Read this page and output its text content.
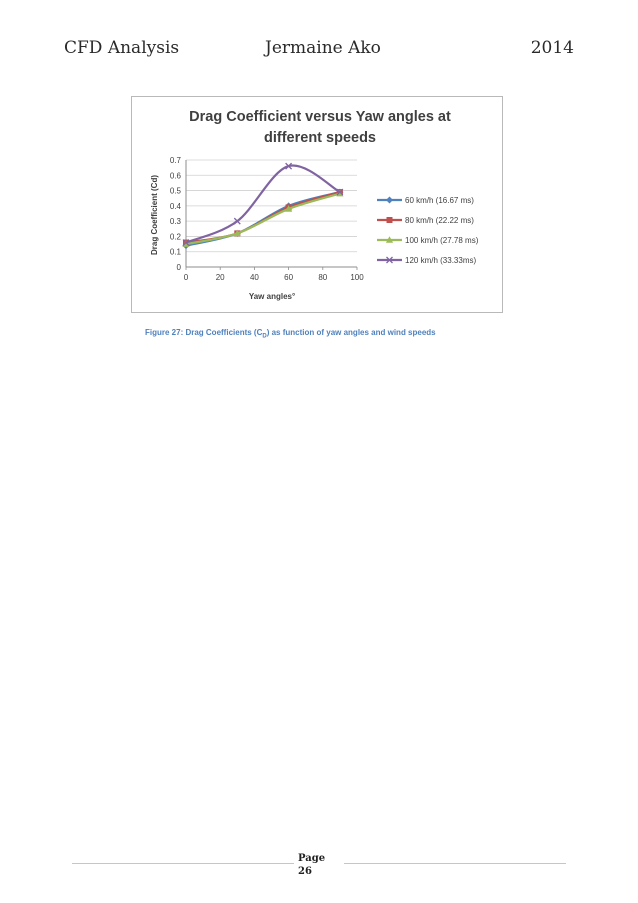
CFD Analysis	Jermaine Ako	2014
Drag Coefficient versus Yaw angles at
different speeds
0
0.1
0.2
0.3
0.4
0.5
0.6
0.7
0	20	40	60	80	100
60 km/h (16.67 ms)
80 km/h (22.22 ms)
100 km/h (27.78 ms)
120 km/h (33.33ms)
Yaw angles°
Drag Coefficient (Cd)
Figure 27: Drag Coefficients $(C_D)$ as function of yaw angles and wind speeds
Page
26
